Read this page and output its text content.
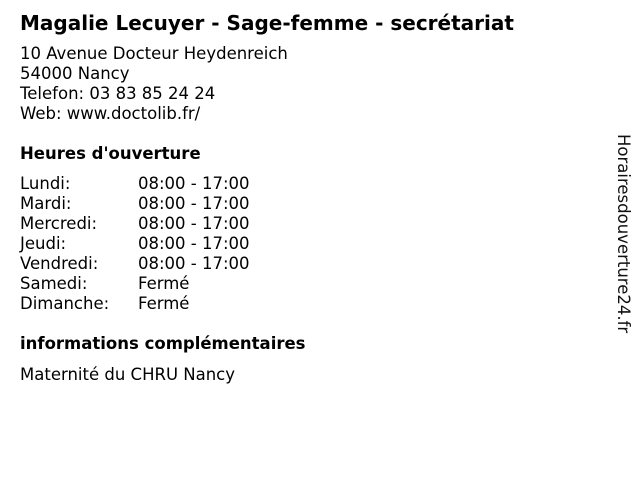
Magalie Lecuyer - Sage-femme - secrétariat
10 Avenue Docteur Heydenreich
54000 Nancy
Telefon: 03 83 85 24 24
Web: www.doctolib.fr/
Heures d'ouverture
Lundi:	08:00 - 17:00
Mardi:	08:00 - 17:00
Mercredi: 08:00 - 17:00
Jeudi:	08:00 - 17:00
Vendredi: 08:00 - 17:00
Samedi:	Fermé
Dimanche: Fermé
informations complémentaires
Maternité du CHRU Nancy
Horairesdouverture24.fr
